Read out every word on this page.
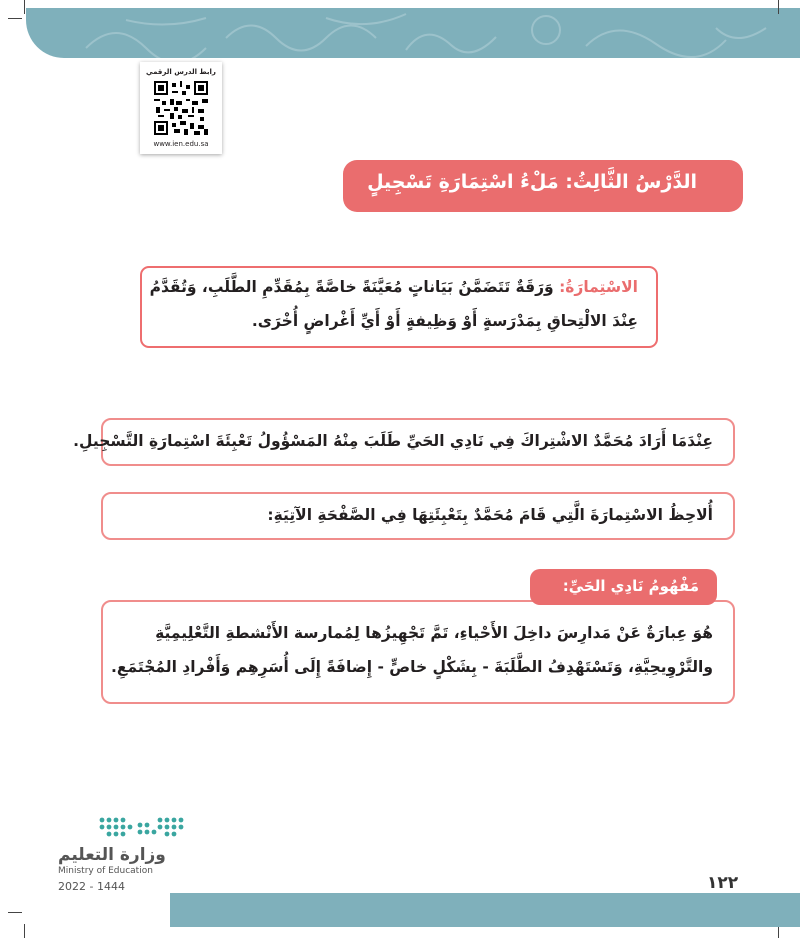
رابط الدرس الرقمي
www.ien.edu.sa
الدَّرْسُ الثَّالِثُ: مَلْءُ اسْتِمَارَةِ تَسْجِيلٍ
الاسْتِمارَةُ: وَرَقَةٌ تَتَضَمَّنُ بَيَاناتٍ مُعَيَّنَةً خاصَّةً بِمُقَدِّمِ الطَّلَبِ، وَتُقَدَّمُ
عِنْدَ الالْتِحاقِ بِمَدْرَسةٍ أَوْ وَظِيفةٍ أَوْ أَيِّ أَغْراضٍ أُخْرَى.
عِنْدَمَا أَرَادَ مُحَمَّدٌ الاشْتِراكَ فِي نَادِي الحَيِّ طَلَبَ مِنْهُ المَسْؤُولُ تَعْبِئَةَ اسْتِمارَةِ التَّسْجِيلِ.
أُلاحِظُ الاسْتِمارَةَ الَّتِي قَامَ مُحَمَّدٌ بِتَعْبِئَتِهَا فِي الصَّفْحَةِ الآتِيَةِ:
هُوَ عِبارَةٌ عَنْ مَدارِسَ داخِلَ الأَحْياءِ، تَمَّ تَجْهِيزُها لِمُمارسة الأَنْشطةِ التَّعْلِيمِيَّةِ
والتَّرْوِيحِيَّةِ، وَتَسْتَهْدِفُ الطَّلَبَةَ - بِشَكْلٍ خاصٍّ - إِضافَةً إِلَى أُسَرِهِم وَأَفْرادِ المُجْتَمَعِ.
مَفْهُومُ نَادِي الحَيِّ:
وزارة التعليم
Ministry of Education
2022 - 1444	١٢٢
